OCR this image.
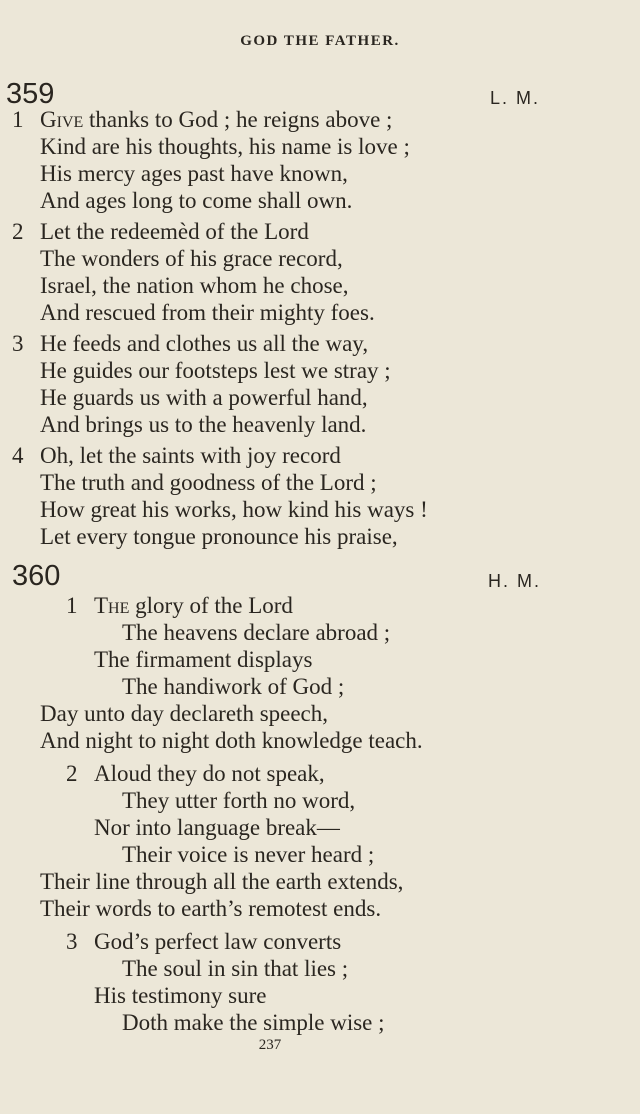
GOD THE FATHER.
359	L. M.
1 Give thanks to God ; he reigns above ;
Kind are his thoughts, his name is love ;
His mercy ages past have known,
And ages long to come shall own.
2 Let the redeemèd of the Lord
The wonders of his grace record,
Israel, the nation whom he chose,
And rescued from their mighty foes.
3 He feeds and clothes us all the way,
He guides our footsteps lest we stray ;
He guards us with a powerful hand,
And brings us to the heavenly land.
4 Oh, let the saints with joy record
The truth and goodness of the Lord ;
How great his works, how kind his ways !
Let every tongue pronounce his praise,
360	H. M.
1 The glory of the Lord
The heavens declare abroad ;
The firmament displays
The handiwork of God ;
Day unto day declareth speech,
And night to night doth knowledge teach.
2 Aloud they do not speak,
They utter forth no word,
Nor into language break—
Their voice is never heard ;
Their line through all the earth extends,
Their words to earth’s remotest ends.
3 God’s perfect law converts
The soul in sin that lies ;
His testimony sure
Doth make the simple wise ;
237
